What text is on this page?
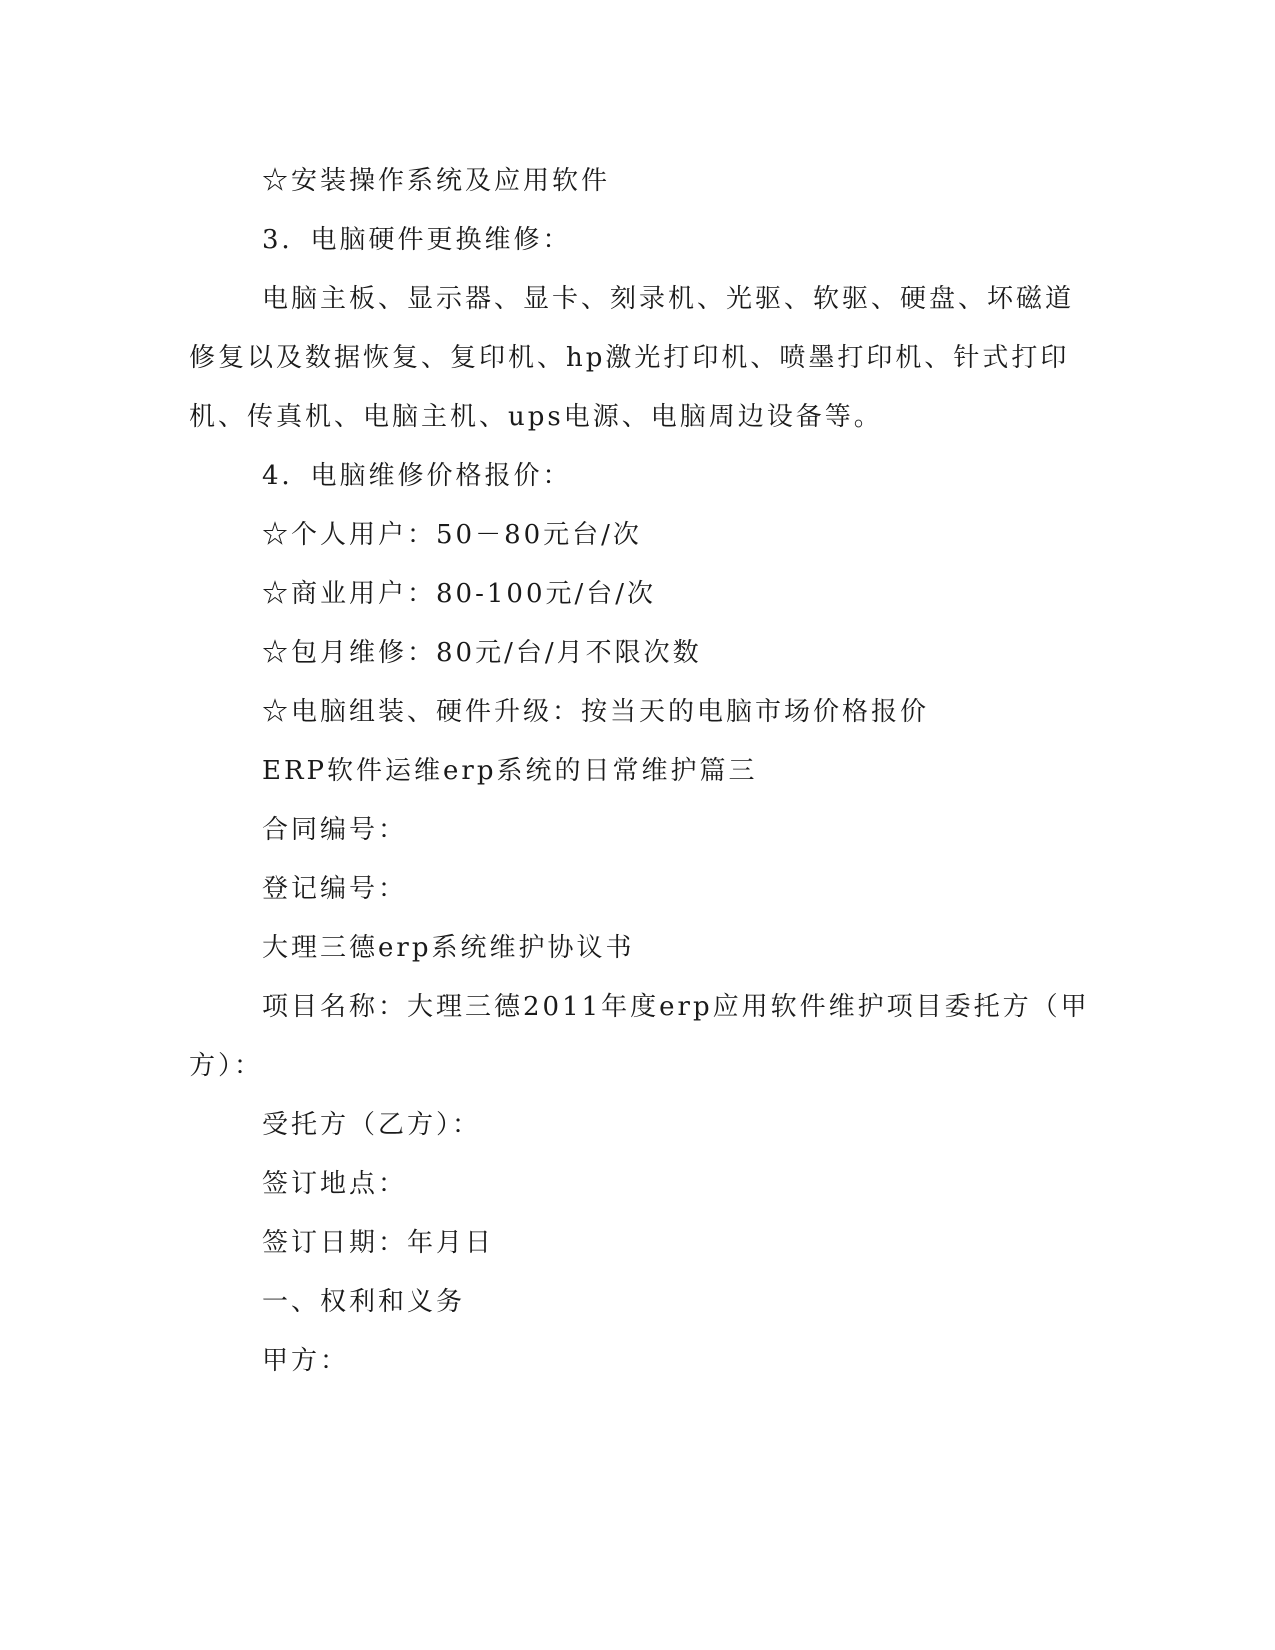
☆安装操作系统及应用软件
3．电脑硬件更换维修：
电脑主板、显示器、显卡、刻录机、光驱、软驱、硬盘、坏磁道
修复以及数据恢复、复印机、hp激光打印机、喷墨打印机、针式打印
机、传真机、电脑主机、ups电源、电脑周边设备等。
4．电脑维修价格报价：
☆个人用户：50－80元台/次
☆商业用户：80-100元/台/次
☆包月维修：80元/台/月不限次数
☆电脑组装、硬件升级：按当天的电脑市场价格报价
ERP软件运维erp系统的日常维护篇三
合同编号：
登记编号：
大理三德erp系统维护协议书
项目名称：大理三德2011年度erp应用软件维护项目委托方（甲
方）：
受托方（乙方）：
签订地点：
签订日期：年月日
一、权利和义务
甲方：
